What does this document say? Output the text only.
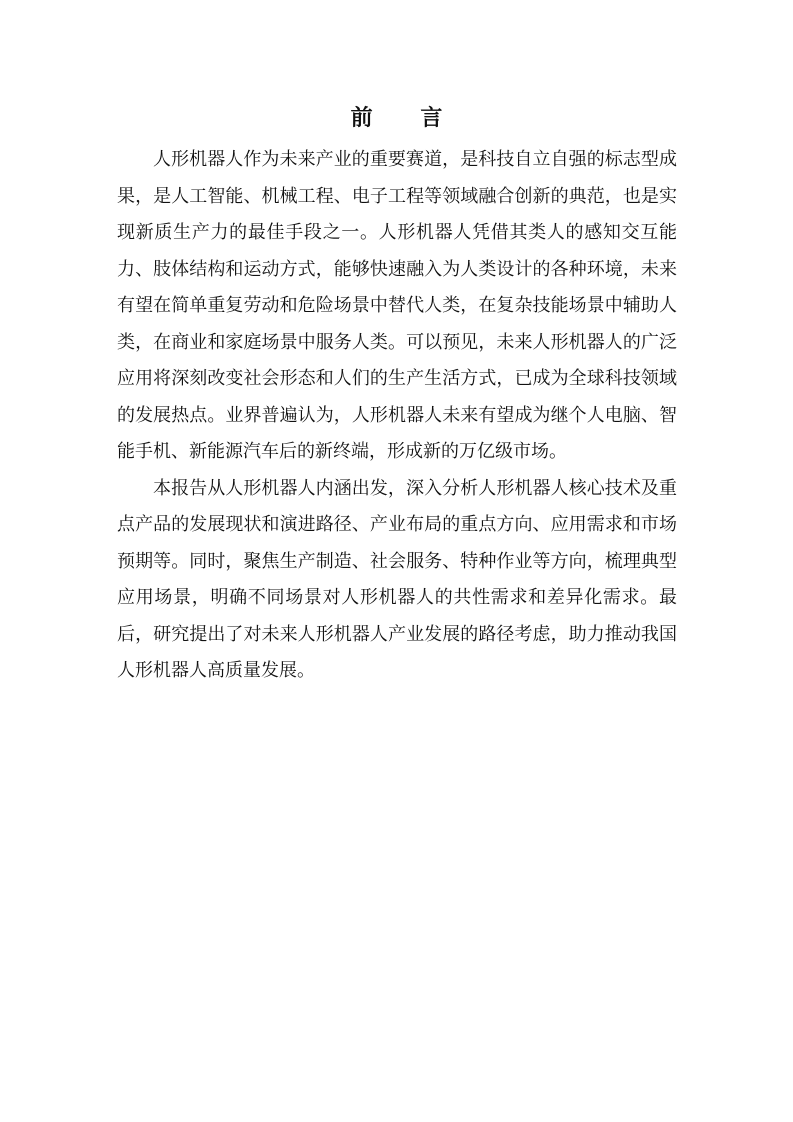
前 言

人形机器人作为未来产业的重要赛道，是科技自立自强的标志型成果，是人工智能、机械工程、电子工程等领域融合创新的典范，也是实现新质生产力的最佳手段之一。人形机器人凭借其类人的感知交互能力、肢体结构和运动方式，能够快速融入为人类设计的各种环境，未来有望在简单重复劳动和危险场景中替代人类，在复杂技能场景中辅助人类，在商业和家庭场景中服务人类。可以预见，未来人形机器人的广泛应用将深刻改变社会形态和人们的生产生活方式，已成为全球科技领域的发展热点。业界普遍认为，人形机器人未来有望成为继个人电脑、智能手机、新能源汽车后的新终端，形成新的万亿级市场。

本报告从人形机器人内涵出发，深入分析人形机器人核心技术及重点产品的发展现状和演进路径、产业布局的重点方向、应用需求和市场预期等。同时，聚焦生产制造、社会服务、特种作业等方向，梳理典型应用场景，明确不同场景对人形机器人的共性需求和差异化需求。最后，研究提出了对未来人形机器人产业发展的路径考虑，助力推动我国人形机器人高质量发展。
